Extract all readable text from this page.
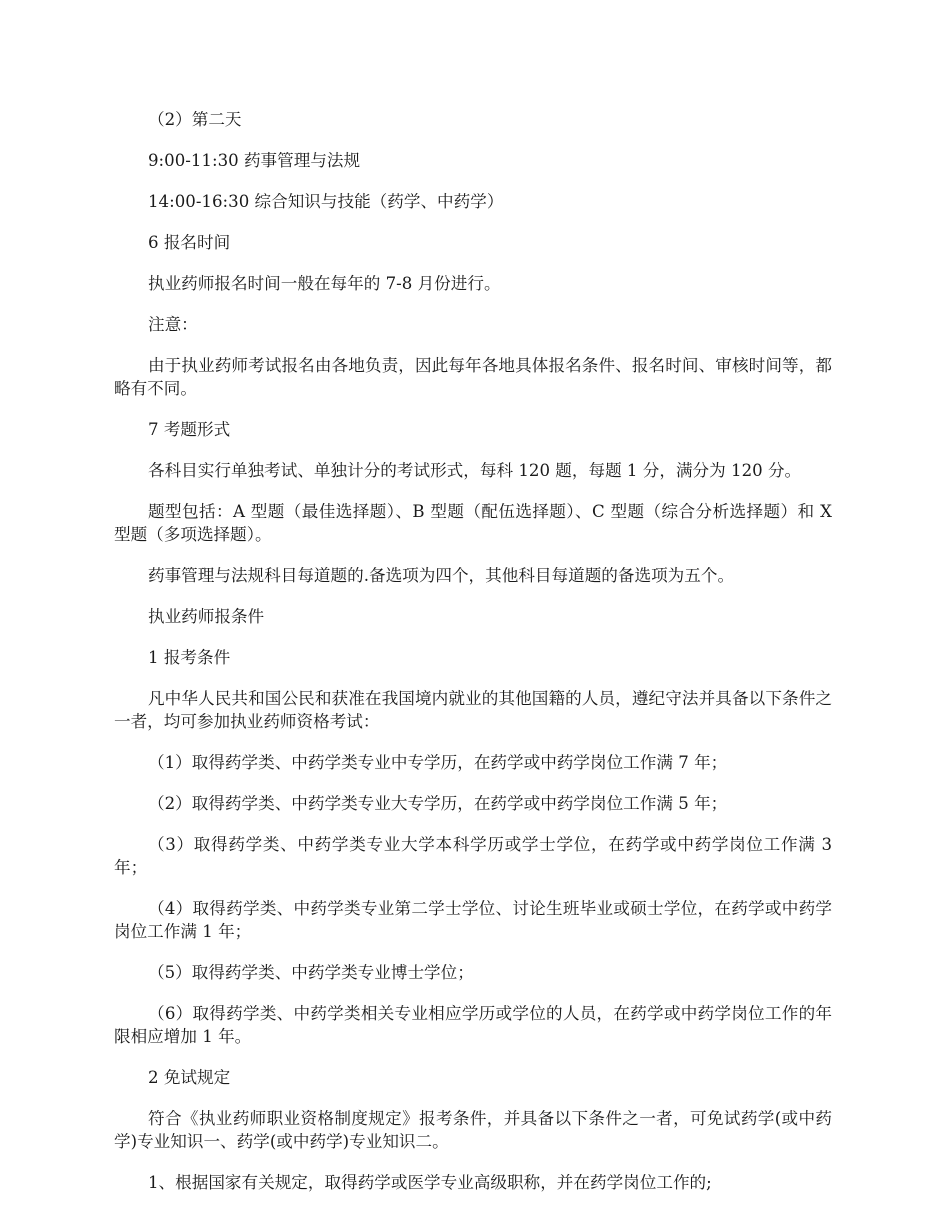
（2）第二天

9:00-11:30 药事管理与法规

14:00-16:30 综合知识与技能（药学、中药学）

6 报名时间

执业药师报名时间一般在每年的 7-8 月份进行。

注意：

由于执业药师考试报名由各地负责，因此每年各地具体报名条件、报名时间、审核时间等，都略有不同。

7 考题形式

各科目实行单独考试、单独计分的考试形式，每科 120 题，每题 1 分，满分为 120 分。

题型包括：A 型题（最佳选择题）、B 型题（配伍选择题）、C 型题（综合分析选择题）和 X 型题（多项选择题）。

药事管理与法规科目每道题的.备选项为四个，其他科目每道题的备选项为五个。

执业药师报条件

1 报考条件

凡中华人民共和国公民和获准在我国境内就业的其他国籍的人员，遵纪守法并具备以下条件之一者，均可参加执业药师资格考试：

（1）取得药学类、中药学类专业中专学历，在药学或中药学岗位工作满 7 年；

（2）取得药学类、中药学类专业大专学历，在药学或中药学岗位工作满 5 年；

（3）取得药学类、中药学类专业大学本科学历或学士学位，在药学或中药学岗位工作满 3 年；

（4）取得药学类、中药学类专业第二学士学位、讨论生班毕业或硕士学位，在药学或中药学岗位工作满 1 年；

（5）取得药学类、中药学类专业博士学位；

（6）取得药学类、中药学类相关专业相应学历或学位的人员，在药学或中药学岗位工作的年限相应增加 1 年。

2 免试规定

符合《执业药师职业资格制度规定》报考条件，并具备以下条件之一者，可免试药学(或中药学)专业知识一、药学(或中药学)专业知识二。

1、根据国家有关规定，取得药学或医学专业高级职称，并在药学岗位工作的;
